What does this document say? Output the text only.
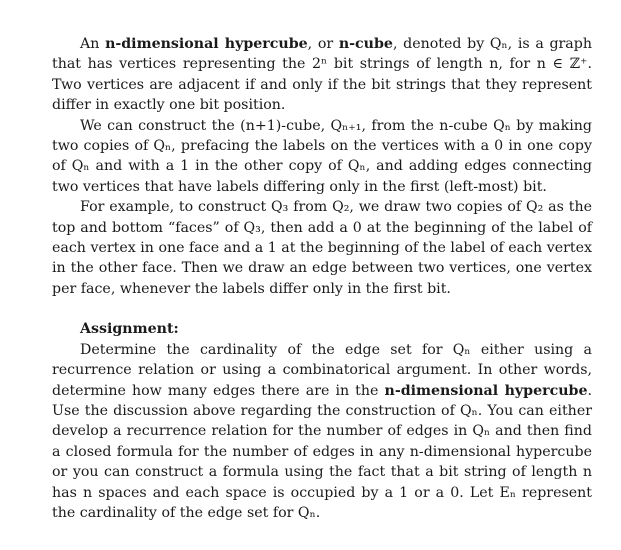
An n-dimensional hypercube, or n-cube, denoted by Qₙ, is a graph that has vertices representing the 2ⁿ bit strings of length n, for n ∈ ℤ⁺. Two vertices are adjacent if and only if the bit strings that they represent differ in exactly one bit position.

We can construct the (n+1)-cube, Qₙ₊₁, from the n-cube Qₙ by making two copies of Qₙ, prefacing the labels on the vertices with a 0 in one copy of Qₙ and with a 1 in the other copy of Qₙ, and adding edges connecting two vertices that have labels differing only in the first (left-most) bit.

For example, to construct Q₃ from Q₂, we draw two copies of Q₂ as the top and bottom “faces” of Q₃, then add a 0 at the beginning of the label of each vertex in one face and a 1 at the beginning of the label of each vertex in the other face. Then we draw an edge between two vertices, one vertex per face, whenever the labels differ only in the first bit.

Assignment:

Determine the cardinality of the edge set for Qₙ either using a recurrence relation or using a combinatorical argument. In other words, determine how many edges there are in the n-dimensional hypercube. Use the discussion above regarding the construction of Qₙ. You can either develop a recurrence relation for the number of edges in Qₙ and then find a closed formula for the number of edges in any n-dimensional hypercube or you can construct a formula using the fact that a bit string of length n has n spaces and each space is occupied by a 1 or a 0. Let Eₙ represent the cardinality of the edge set for Qₙ.
